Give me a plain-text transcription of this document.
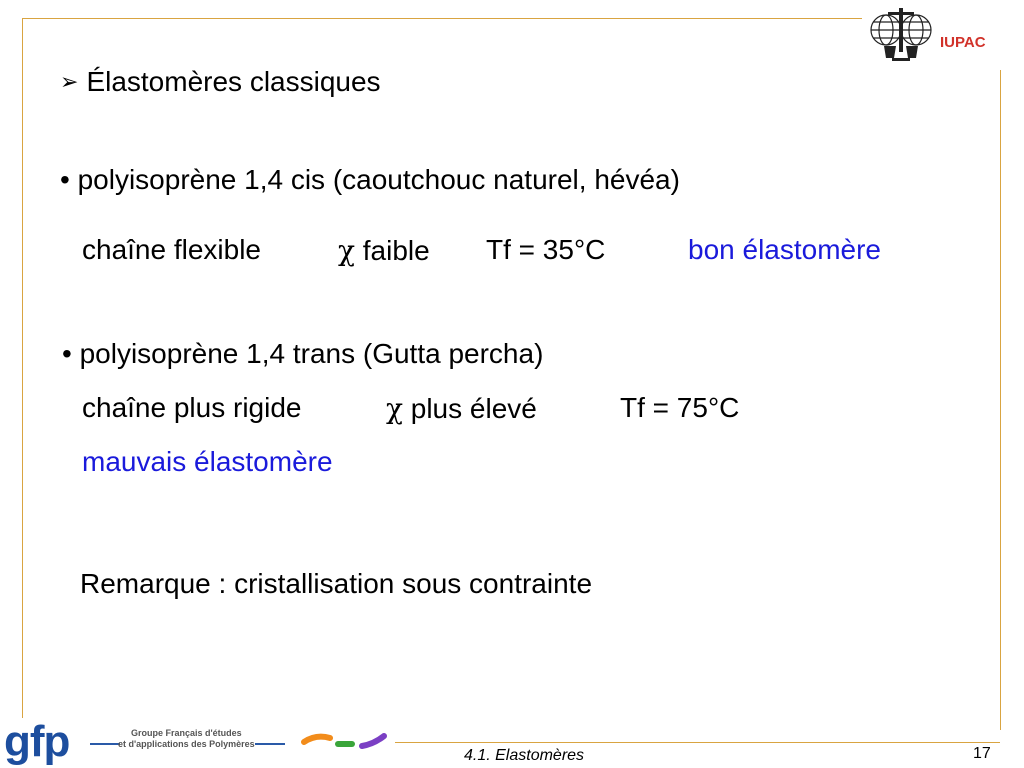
IUPAC
➢ Élastomères classiques
• polyisoprène 1,4 cis (caoutchouc naturel, hévéa)
chaîne flexible	χ faible Tf = 35°C	bon élastomère
• polyisoprène 1,4 trans (Gutta percha)
chaîne plus rigide	χ plus élevé	Tf = 75°C
mauvais élastomère
Remarque : cristallisation sous contrainte
gfp	Groupe Français d'études
et d'applications des Polymères
4.1. Elastomères	17
